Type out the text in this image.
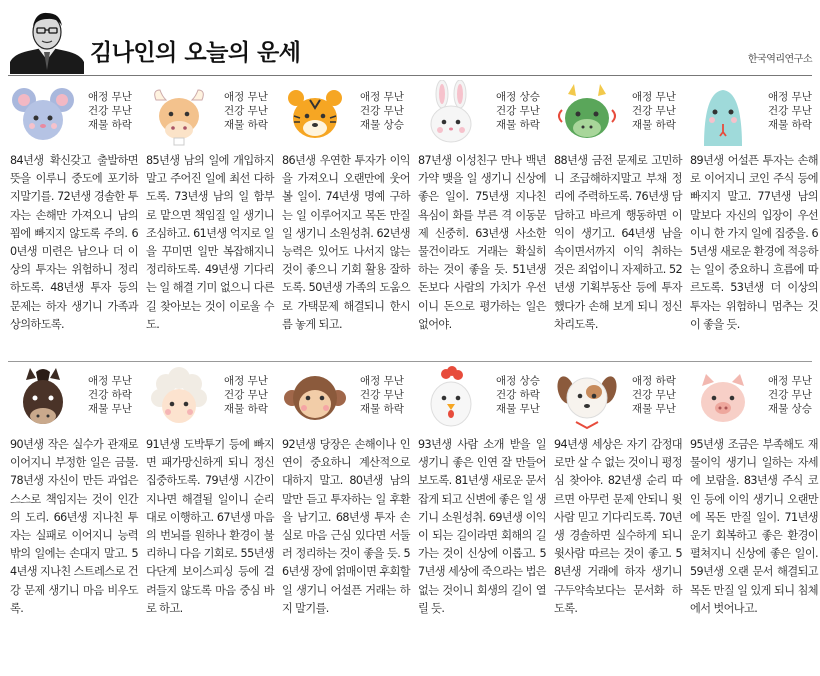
김나인의 오늘의 운세	한국역리연구소
애정 무난
건강 무난
재물 하락
84년생 확신갖고 출발하면 뜻을 이루니 중도에 포기하지말기를. 72년생 경솔한 투자는 손해만 가져오니 남의 꾐에 빠지지 않도록 주의. 60년생 미련은 남으나 더 이상의 투자는 위험하니 정리하도록. 48년생 투자 등의 문제는 하자 생기니 가족과 상의하도록.
애정 무난
건강 무난
재물 하락
85년생 남의 일에 개입하지 말고 주어진 일에 최선 다하도록. 73년생 남의 일 함부로 맡으면 책임질 일 생기니 조심하고. 61년생 억지로 일을 꾸미면 일만 복잡해지니 정리하도록. 49년생 기다리는 일 해결 기미 없으니 다른 길 찾아보는 것이 이로울 수도.
애정 무난
건강 무난
재물 상승
86년생 우연한 투자가 이익을 가져오니 오랜만에 웃어볼 일이. 74년생 명예 구하는 일 이루어지고 목돈 만질 일 생기니 소원성취. 62년생 능력은 있어도 나서지 않는 것이 좋으니 기회 활용 잘하도록. 50년생 가족의 도움으로 가택문제 해결되니 한시름 놓게 되고.
애정 상승
건강 무난
재물 하락
87년생 이성친구 만나 백년가약 맺을 일 생기니 신상에 좋은 일이. 75년생 지나친 욕심이 화를 부른 격 이동문제 신중히. 63년생 사소한 물건이라도 거래는 확실히 하는 것이 좋을 듯. 51년생 돈보다 사람의 가치가 우선이니 돈으로 평가하는 일은 없어야.
애정 무난
건강 무난
재물 하락
88년생 금전 문제로 고민하니 조급해하지말고 부채 정리에 주력하도록. 76년생 담담하고 바르게 행동하면 이익이 생기고. 64년생 남을 속이면서까지 이익 취하는 것은 죄업이니 자제하고. 52년생 기획부동산 등에 투자했다가 손해 보게 되니 정신 차리도록.
애정 무난
건강 무난
재물 하락
89년생 어설픈 투자는 손해로 이어지니 코인 주식 등에 빠지지 말고. 77년생 남의 말보다 자신의 입장이 우선이니 한 가지 일에 집중을. 65년생 새로운 환경에 적응하는 일이 중요하니 흐름에 따르도록. 53년생 더 이상의 투자는 위험하니 멈추는 것이 좋을 듯.
애정 무난
건강 하락
재물 무난
90년생 작은 실수가 관재로 이어지니 부정한 일은 금물. 78년생 자신이 만든 과업은 스스로 책임지는 것이 인간의 도리. 66년생 지나친 투자는 실패로 이어지니 능력 밖의 일에는 손대지 말고. 54년생 지나친 스트레스로 건강 문제 생기니 마음 비우도록.
애정 무난
건강 무난
재물 하락
91년생 도박투기 등에 빠지면 패가망신하게 되니 정신 집중하도록. 79년생 시간이 지나면 해결될 일이니 순리대로 이행하고. 67년생 마음의 번뇌를 원하나 환경이 불리하니 다음 기회로. 55년생 다단계 보이스피싱 등에 걸려들지 않도록 마음 중심 바로 하고.
애정 무난
건강 무난
재물 하락
92년생 당장은 손해이나 인연이 중요하니 계산적으로 대하지 말고. 80년생 남의 말만 듣고 투자하는 일 후환을 남기고. 68년생 투자 손실로 마음 근심 있다면 서둘러 정리하는 것이 좋을 듯. 56년생 장에 얽매이면 후회할 일 생기니 어설픈 거래는 하지 말기를.
애정 상승
건강 하락
재물 무난
93년생 사람 소개 받을 일 생기니 좋은 인연 잘 만들어 보도록. 81년생 새로운 문서 잡게 되고 신변에 좋은 일 생기니 소원성취. 69년생 이익이 되는 길이라면 회해의 길 가는 것이 신상에 이롭고. 57년생 세상에 죽으라는 법은 없는 것이니 회생의 길이 열릴 듯.
애정 하락
건강 무난
재물 무난
94년생 세상은 자기 감정대로만 살 수 없는 것이니 평정심 찾아야. 82년생 순리 따르면 아무런 문제 안되니 윗사람 믿고 기다리도록. 70년생 경솔하면 실수하게 되니 윗사람 따르는 것이 좋고. 58년생 거래에 하자 생기니 구두약속보다는 문서화 하도록.
애정 무난
건강 무난
재물 상승
95년생 조금은 부족해도 재물이익 생기니 일하는 자세에 보람을. 83년생 주식 코인 등에 이익 생기니 오랜만에 목돈 만질 일이. 71년생 운기 회복하고 좋은 환경이 펼쳐지니 신상에 좋은 일이. 59년생 오랜 문서 해결되고 목돈 만질 일 있게 되니 침체에서 벗어나고.
